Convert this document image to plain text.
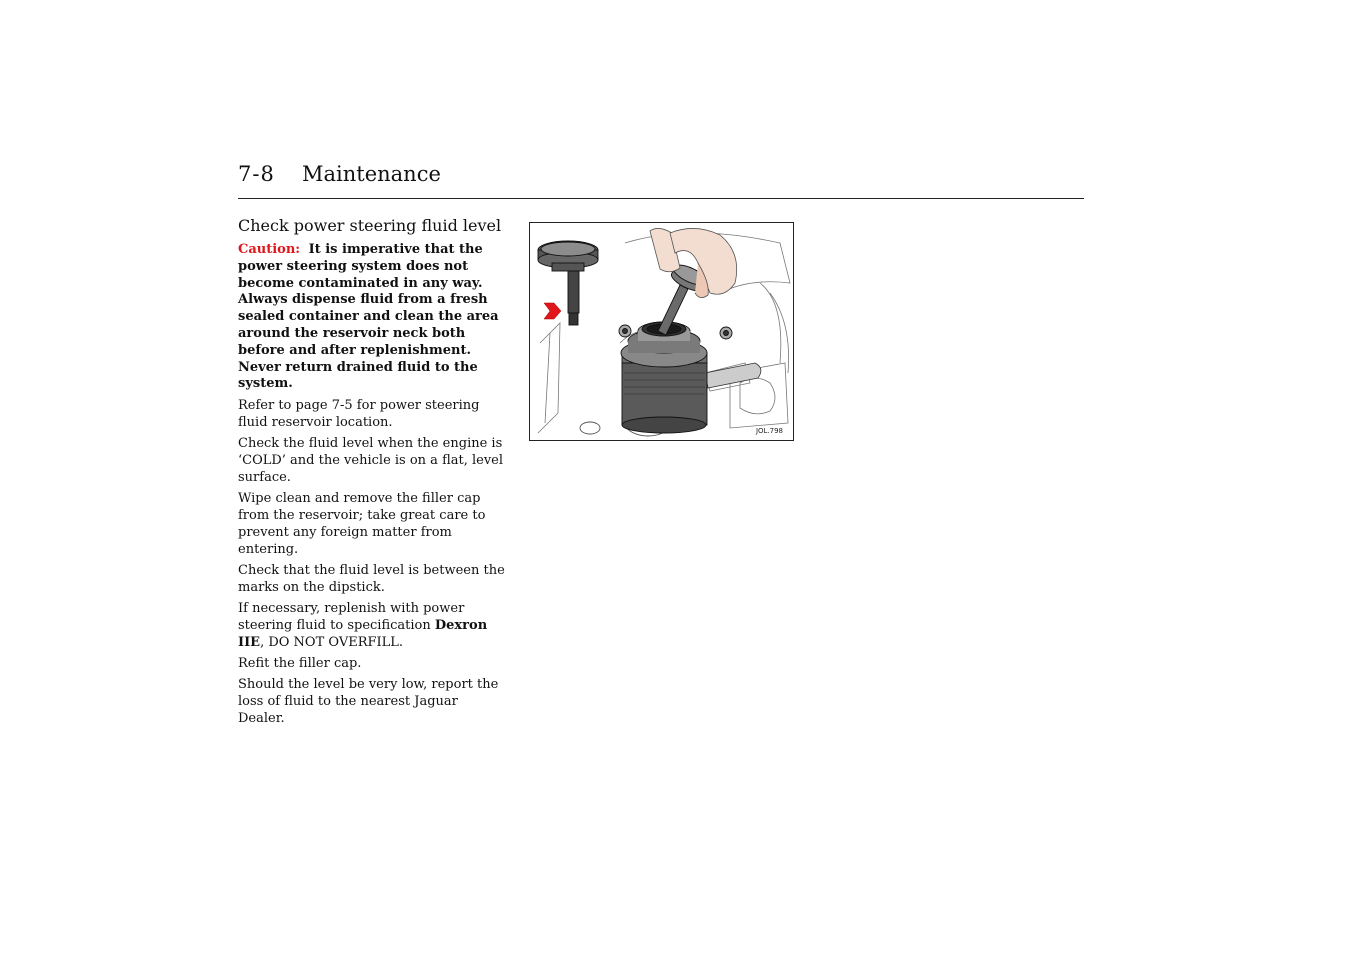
7-8 Maintenance
Check power steering fluid level

Caution: It is imperative that the power steering system does not become contaminated in any way. Always dispense fluid from a fresh sealed container and clean the area around the reservoir neck both before and after replenishment. Never return drained fluid to the system.

Refer to page 7-5 for power steering fluid reservoir location.

Check the fluid level when the engine is ‘COLD’ and the vehicle is on a flat, level surface.

Wipe clean and remove the filler cap from the reservoir; take great care to prevent any foreign matter from entering.

Check that the fluid level is between the marks on the dipstick.

If necessary, replenish with power steering fluid to specification Dexron IIE, DO NOT OVERFILL.

Refit the filler cap.

Should the level be very low, report the loss of fluid to the nearest Jaguar Dealer.

JOL.798
